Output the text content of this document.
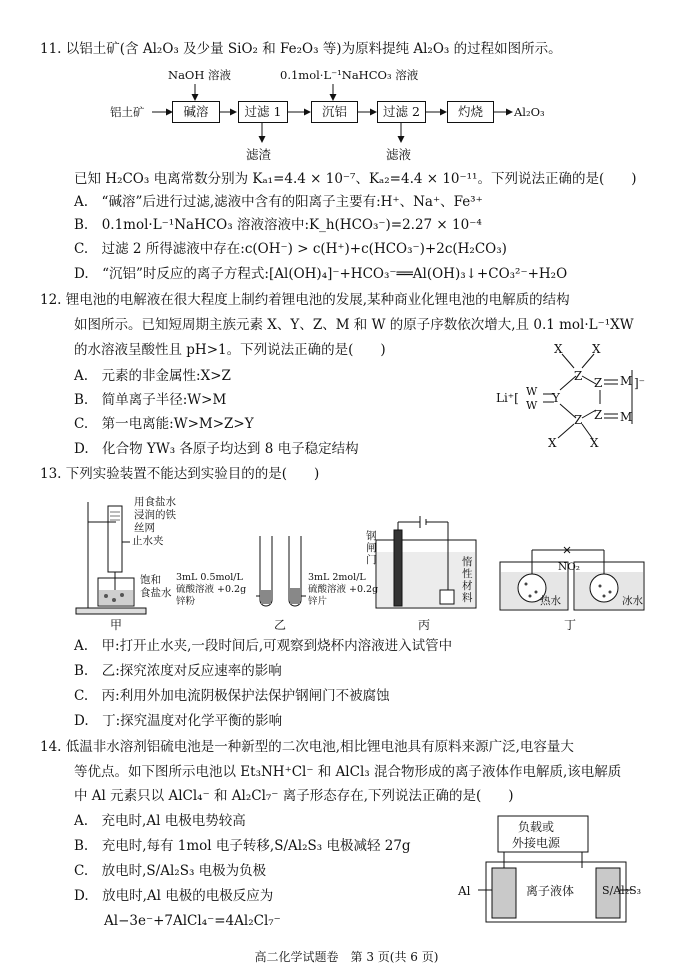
11. 以铝土矿(含 Al₂O₃ 及少量 SiO₂ 和 Fe₂O₃ 等)为原料提纯 Al₂O₃ 的过程如图所示。
NaOH 溶液	0.1mol·L⁻¹NaHCO₃ 溶液
铝土矿	碱溶	过滤 1	沉铝	过滤 2	灼烧	Al₂O₃
滤渣	滤液
已知 H₂CO₃ 电离常数分别为 Kₐ₁=4.4 × 10⁻⁷、Kₐ₂=4.4 × 10⁻¹¹。下列说法正确的是(　　)
A.　“碱溶”后进行过滤,滤液中含有的阳离子主要有:H⁺、Na⁺、Fe³⁺
B.　0.1mol·L⁻¹NaHCO₃ 溶液溶液中:K_h(HCO₃⁻)=2.27 × 10⁻⁴
C.　过滤 2 所得滤液中存在:c(OH⁻) > c(H⁺)+c(HCO₃⁻)+2c(H₂CO₃)
D.　“沉铝”时反应的离子方程式:[Al(OH)₄]⁻+HCO₃⁻══Al(OH)₃↓+CO₃²⁻+H₂O
12. 锂电池的电解液在很大程度上制约着锂电池的发展,某种商业化锂电池的电解质的结构
如图所示。已知短周期主族元素 X、Y、Z、M 和 W 的原子序数依次增大,且 0.1 mol·L⁻¹XW
的水溶液呈酸性且 pH>1。下列说法正确的是(　　)
A.　元素的非金属性:X>Z
B.　简单离子半径:W>M
C.　第一电离能:W>M>Z>Y
D.　化合物 YW₃ 各原子均达到 8 电子稳定结构
Li⁺[ W
W
Y
Z
Z
Z
Z
M
M
]⁻
X X
X	X
13. 下列实验装置不能达到实验目的的是(　　)
用食盐水
浸润的铁
丝网
止水夹
饱和
食盐水
3mL 0.5mol/L
硫酸溶液 +0.2g
锌粉
3mL 2mol/L
硫酸溶液 +0.2g
锌片
钢
闸
门	惰
性
材
料
NO₂
热水	冰水
甲	乙	丙	丁
A.　甲:打开止水夹,一段时间后,可观察到烧杯内溶液进入试管中
B.　乙:探究浓度对反应速率的影响
C.　丙:利用外加电流阴极保护法保护钢闸门不被腐蚀
D.　丁:探究温度对化学平衡的影响
14. 低温非水溶剂铝硫电池是一种新型的二次电池,相比锂电池具有原料来源广泛,电容量大
等优点。如下图所示电池以 Et₃NH⁺Cl⁻ 和 AlCl₃ 混合物形成的离子液体作电解质,该电解质
中 Al 元素只以 AlCl₄⁻ 和 Al₂Cl₇⁻ 离子形态存在,下列说法正确的是(　　)
A.　充电时,Al 电极电势较高
B.　充电时,每有 1mol 电子转移,S/Al₂S₃ 电极减轻 27g
C.　放电时,S/Al₂S₃ 电极为负极
D.　放电时,Al 电极的电极反应为
Al−3e⁻+7AlCl₄⁻=4Al₂Cl₇⁻
负载或
外接电源
Al	离子液体	S/Al₂S₃
高二化学试题卷　第 3 页(共 6 页)
